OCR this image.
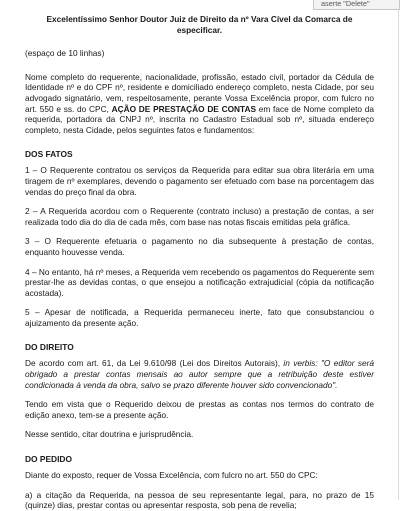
aserte "Delete"

Excelentíssimo Senhor Doutor Juiz de Direito da nº Vara Cível da Comarca de especificar.

(espaço de 10 linhas)

Nome completo do requerente, nacionalidade, profissão, estado civil, portador da Cédula de Identidade nº e do CPF nº, residente e domiciliado endereço completo, nesta Cidade, por seu advogado signatário, vem, respeitosamente, perante Vossa Excelência propor, com fulcro no art. 550 e ss. do CPC, AÇÃO DE PRESTAÇÃO DE CONTAS em face de Nome completo da requerida, portadora da CNPJ nº, inscrita no Cadastro Estadual sob nº, situada endereço completo, nesta Cidade, pelos seguintes fatos e fundamentos:

DOS FATOS

1 – O Requerente contratou os serviços da Requerida para editar sua obra literária em uma tiragem de nº exemplares, devendo o pagamento ser efetuado com base na porcentagem das vendas do preço final da obra.

2 – A Requerida acordou com o Requerente (contrato incluso) a prestação de contas, a ser realizada todo dia do dia de cada mês, com base nas notas fiscais emitidas pela gráfica.

3 – O Requerente efetuaria o pagamento no dia subsequente à prestação de contas, enquanto houvesse venda.

4 – No entanto, há nº meses, a Requerida vem recebendo os pagamentos do Requerente sem prestar-lhe as devidas contas, o que ensejou a notificação extrajudicial (cópia da notificação acostada).

5 – Apesar de notificada, a Requerida permaneceu inerte, fato que consubstanciou o ajuizamento da presente ação.

DO DIREITO

De acordo com art. 61, da Lei 9.610/98 (Lei dos Direitos Autorais), in verbis: "O editor será obrigado a prestar contas mensais ao autor sempre que a retribuição deste estiver condicionada à venda da obra, salvo se prazo diferente houver sido convencionado".

Tendo em vista que o Requerido deixou de prestas as contas nos termos do contrato de edição anexo, tem-se a presente ação.

Nesse sentido, citar doutrina e jurisprudência.

DO PEDIDO

Diante do exposto, requer de Vossa Excelência, com fulcro no art. 550 do CPC:

a) a citação da Requerida, na pessoa de seu representante legal, para, no prazo de 15 (quinze) dias, prestar contas ou apresentar resposta, sob pena de revelia;
